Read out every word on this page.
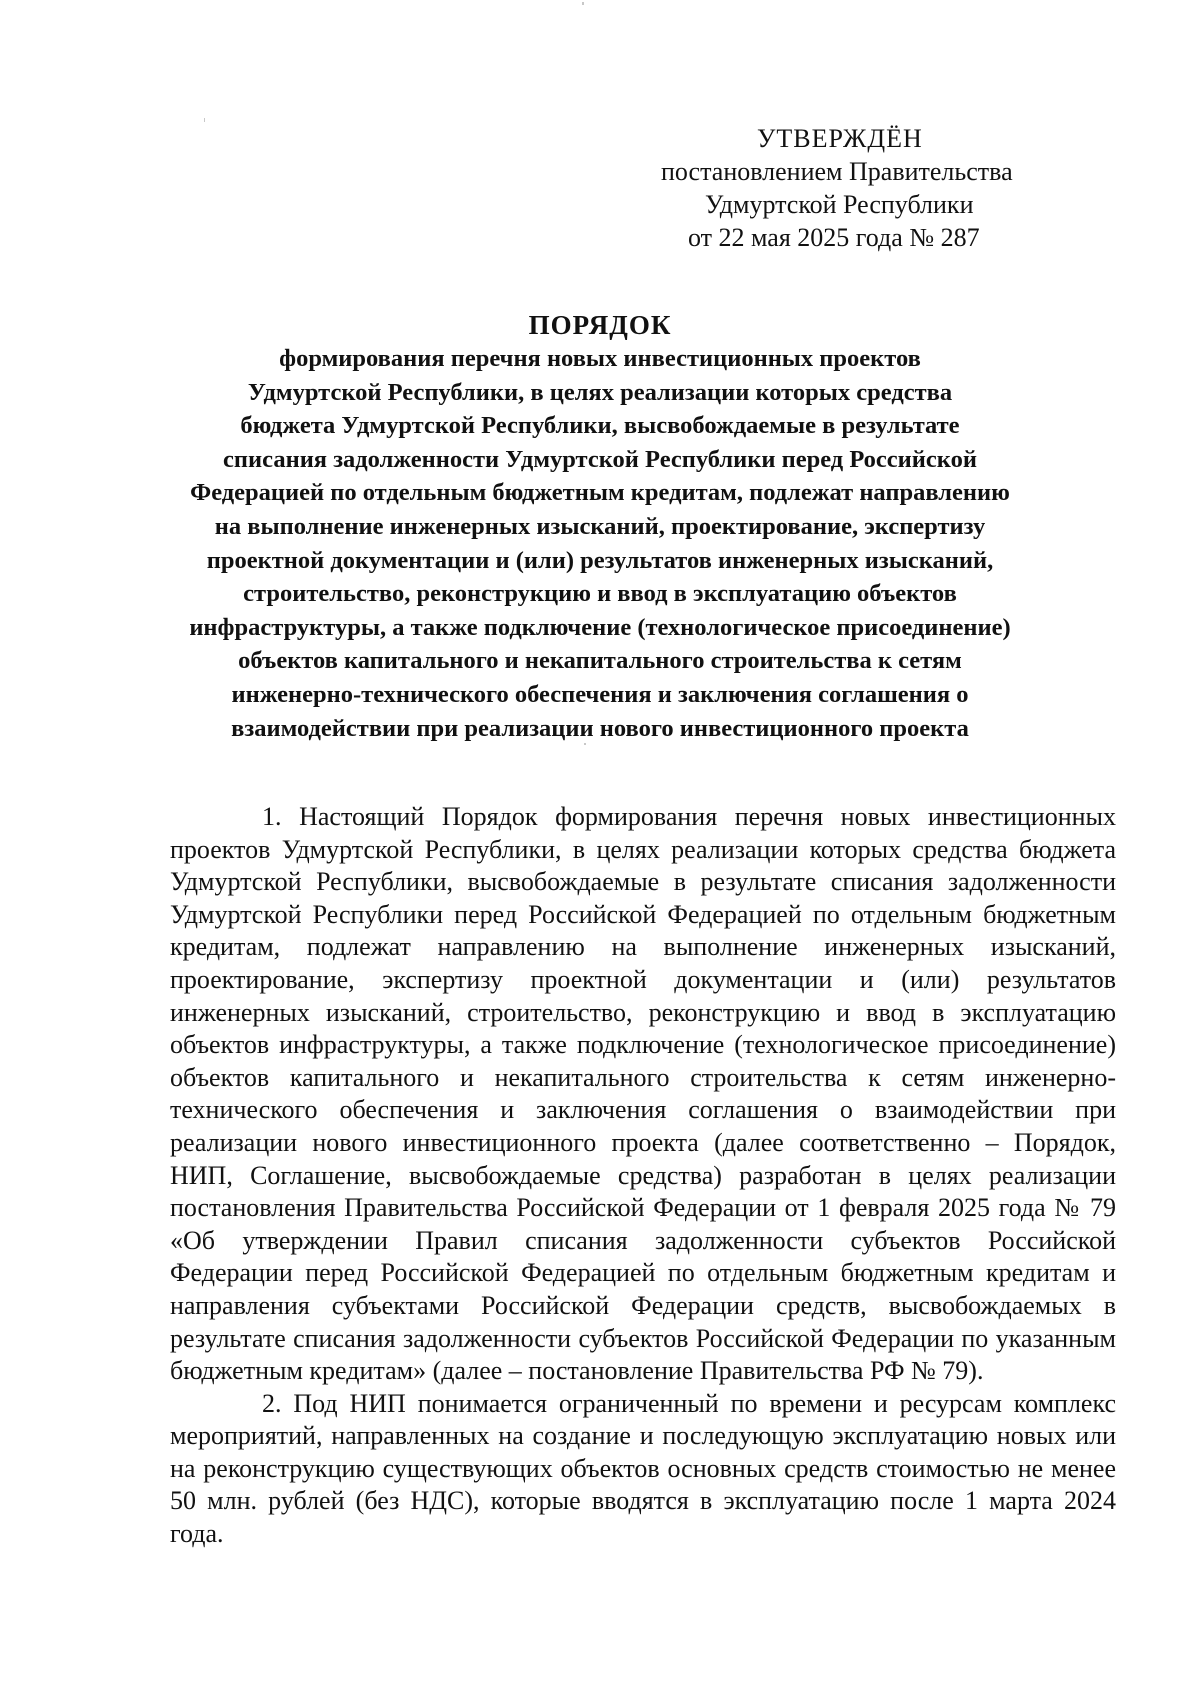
УТВЕРЖДЁН
постановлением Правительства
Удмуртской Республики
от 22 мая 2025 года № 287
ПОРЯДОК
формирования перечня новых инвестиционных проектов
Удмуртской Республики, в целях реализации которых средства
бюджета Удмуртской Республики, высвобождаемые в результате
списания задолженности Удмуртской Республики перед Российской
Федерацией по отдельным бюджетным кредитам, подлежат направлению
на выполнение инженерных изысканий, проектирование, экспертизу
проектной документации и (или) результатов инженерных изысканий,
строительство, реконструкцию и ввод в эксплуатацию объектов
инфраструктуры, а также подключение (технологическое присоединение)
объектов капитального и некапитального строительства к сетям
инженерно-технического обеспечения и заключения соглашения о
взаимодействии при реализации нового инвестиционного проекта

1. Настоящий Порядок формирования перечня новых инвестиционных проектов Удмуртской Республики, в целях реализации которых средства бюджета Удмуртской Республики, высвобождаемые в результате списания задолженности Удмуртской Республики перед Российской Федерацией по отдельным бюджетным кредитам, подлежат направлению на выполнение инженерных изысканий, проектирование, экспертизу проектной документации и (или) результатов инженерных изысканий, строительство, реконструкцию и ввод в эксплуатацию объектов инфраструктуры, а также подключение (технологическое присоединение) объектов капитального и некапитального строительства к сетям инженерно-технического обеспечения и заключения соглашения о взаимодействии при реализации нового инвестиционного проекта (далее соответственно – Порядок, НИП, Соглашение, высвобождаемые средства) разработан в целях реализации постановления Правительства Российской Федерации от 1 февраля 2025 года № 79 «Об утверждении Правил списания задолженности субъектов Российской Федерации перед Российской Федерацией по отдельным бюджетным кредитам и направления субъектами Российской Федерации средств, высвобождаемых в результате списания задолженности субъектов Российской Федерации по указанным бюджетным кредитам» (далее – постановление Правительства РФ № 79).

2. Под НИП понимается ограниченный по времени и ресурсам комплекс мероприятий, направленных на создание и последующую эксплуатацию новых или на реконструкцию существующих объектов основных средств стоимостью не менее 50 млн. рублей (без НДС), которые вводятся в эксплуатацию после 1 марта 2024 года.
